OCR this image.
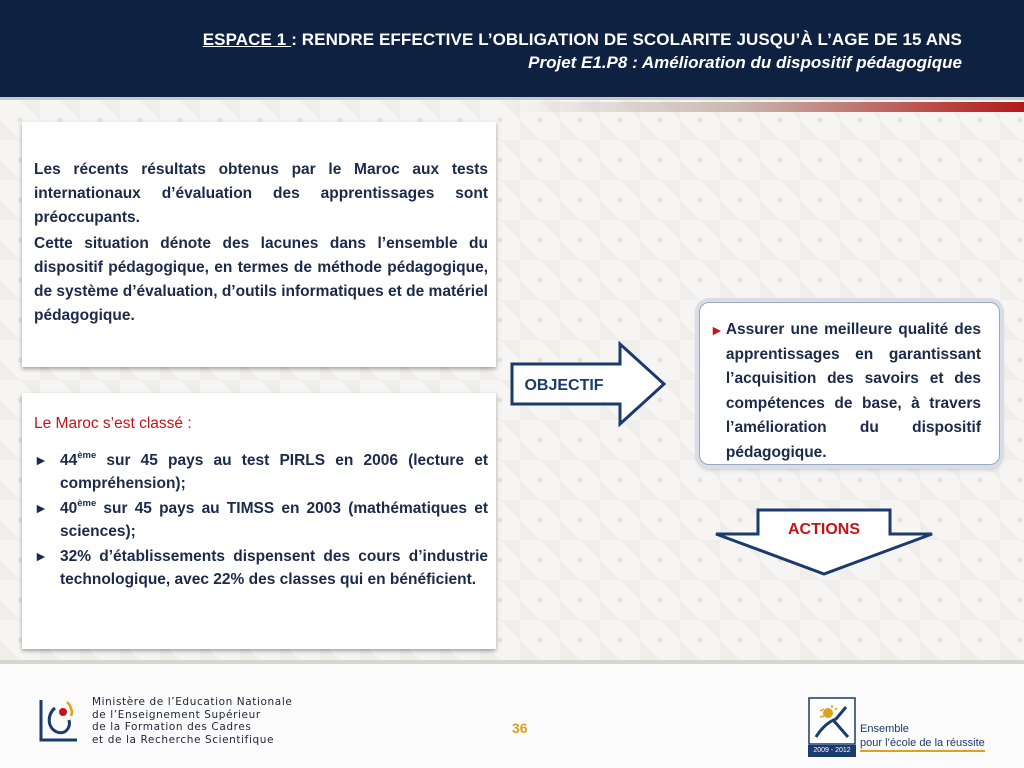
ESPACE 1 : RENDRE EFFECTIVE L’OBLIGATION DE SCOLARITE JUSQU’À L’AGE DE 15 ANS
Projet E1.P8 : Amélioration du dispositif pédagogique

Les récents résultats obtenus par le Maroc aux tests internationaux d’évaluation des apprentissages sont préoccupants.

Cette situation dénote des lacunes dans l’ensemble du dispositif pédagogique, en termes de méthode pédagogique, de système d’évaluation, d’outils informatiques et de matériel pédagogique.

Le Maroc s’est classé :
► 44ème sur 45 pays au test PIRLS en 2006 (lecture et compréhension);
► 40ème sur 45 pays au TIMSS en 2003 (mathématiques et sciences);
► 32% d’établissements dispensent des cours d’industrie technologique, avec 22% des classes qui en bénéficient.
OBJECTIF
► Assurer une meilleure qualité des apprentissages en garantissant l’acquisition des savoirs et des compétences de base, à travers l’amélioration du dispositif pédagogique.
ACTIONS
Ministère de l’Education Nationale
de l’Enseignement Supérieur
de la Formation des Cadres
et de la Recherche Scientifique
36
2009 - 2012
Ensemble
pour l’école de la réussite
